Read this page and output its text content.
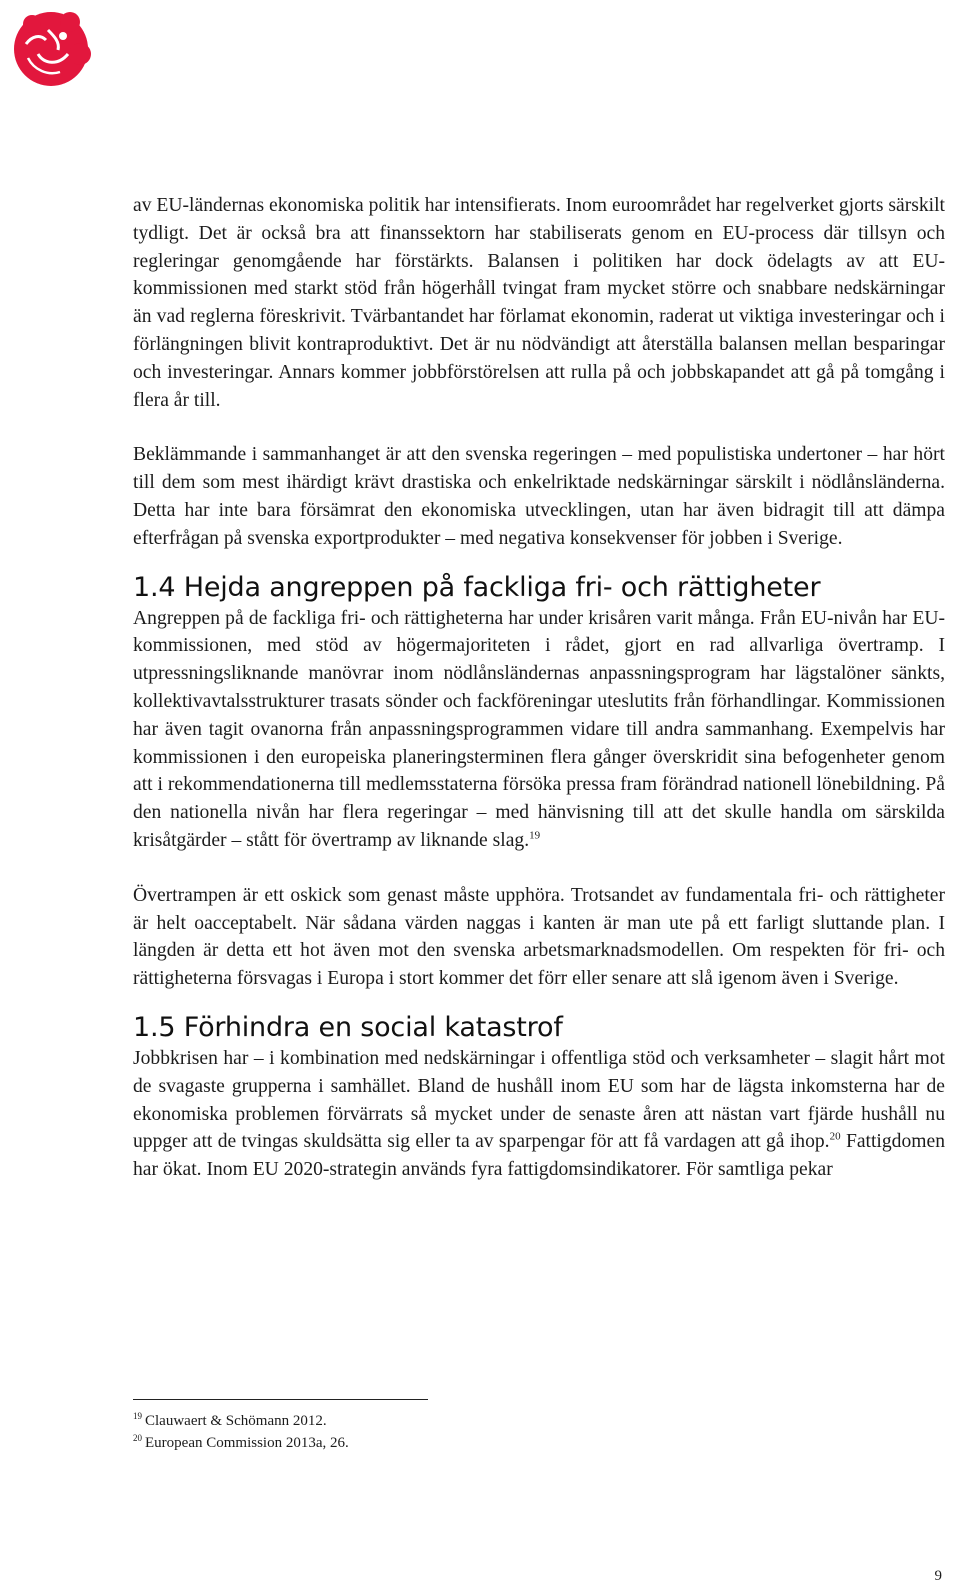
av EU-ländernas ekonomiska politik har intensifierats. Inom euroområdet har regelverket gjorts särskilt tydligt. Det är också bra att finanssektorn har stabiliserats genom en EU-process där tillsyn och regleringar genomgående har förstärkts. Balansen i politiken har dock ödelagts av att EU-kommissionen med starkt stöd från högerhåll tvingat fram mycket större och snabbare nedskärningar än vad reglerna föreskrivit. Tvärbantandet har förlamat ekonomin, raderat ut viktiga investeringar och i förlängningen blivit kontraproduktivt. Det är nu nödvändigt att återställa balansen mellan besparingar och investeringar. Annars kommer jobbförstörelsen att rulla på och jobbskapandet att gå på tomgång i flera år till.

Beklämmande i sammanhanget är att den svenska regeringen – med populistiska undertoner – har hört till dem som mest ihärdigt krävt drastiska och enkelriktade nedskärningar särskilt i nödlånsländerna. Detta har inte bara försämrat den ekonomiska utvecklingen, utan har även bidragit till att dämpa efterfrågan på svenska exportprodukter – med negativa konsekvenser för jobben i Sverige.

1.4 Hejda angreppen på fackliga fri- och rättigheter

Angreppen på de fackliga fri- och rättigheterna har under krisåren varit många. Från EU-nivån har EU-kommissionen, med stöd av högermajoriteten i rådet, gjort en rad allvarliga övertramp. I utpressningsliknande manövrar inom nödlånsländernas anpassningsprogram har lägstalöner sänkts, kollektivavtalsstrukturer trasats sönder och fackföreningar uteslutits från förhandlingar. Kommissionen har även tagit ovanorna från anpassningsprogrammen vidare till andra sammanhang. Exempelvis har kommissionen i den europeiska planeringsterminen flera gånger överskridit sina befogenheter genom att i rekommendationerna till medlemsstaterna försöka pressa fram förändrad nationell lönebildning. På den nationella nivån har flera regeringar – med hänvisning till att det skulle handla om särskilda krisåtgärder – stått för övertramp av liknande slag.$^{19}$

Övertrampen är ett oskick som genast måste upphöra. Trotsandet av fundamentala fri- och rättigheter är helt oacceptabelt. När sådana värden naggas i kanten är man ute på ett farligt sluttande plan. I längden är detta ett hot även mot den svenska arbetsmarknadsmodellen. Om respekten för fri- och rättigheterna försvagas i Europa i stort kommer det förr eller senare att slå igenom även i Sverige.

1.5 Förhindra en social katastrof

Jobbkrisen har – i kombination med nedskärningar i offentliga stöd och verksamheter – slagit hårt mot de svagaste grupperna i samhället. Bland de hushåll inom EU som har de lägsta inkomsterna har de ekonomiska problemen förvärrats så mycket under de senaste åren att nästan vart fjärde hushåll nu uppger att de tvingas skuldsätta sig eller ta av sparpengar för att få vardagen att gå ihop.$^{20}$ Fattigdomen har ökat. Inom EU 2020-strategin används fyra fattigdomsindikatorer. För samtliga pekar

$^{19}$ Clauwaert & Schömann 2012.
$^{20}$ European Commission 2013a, 26.
9
